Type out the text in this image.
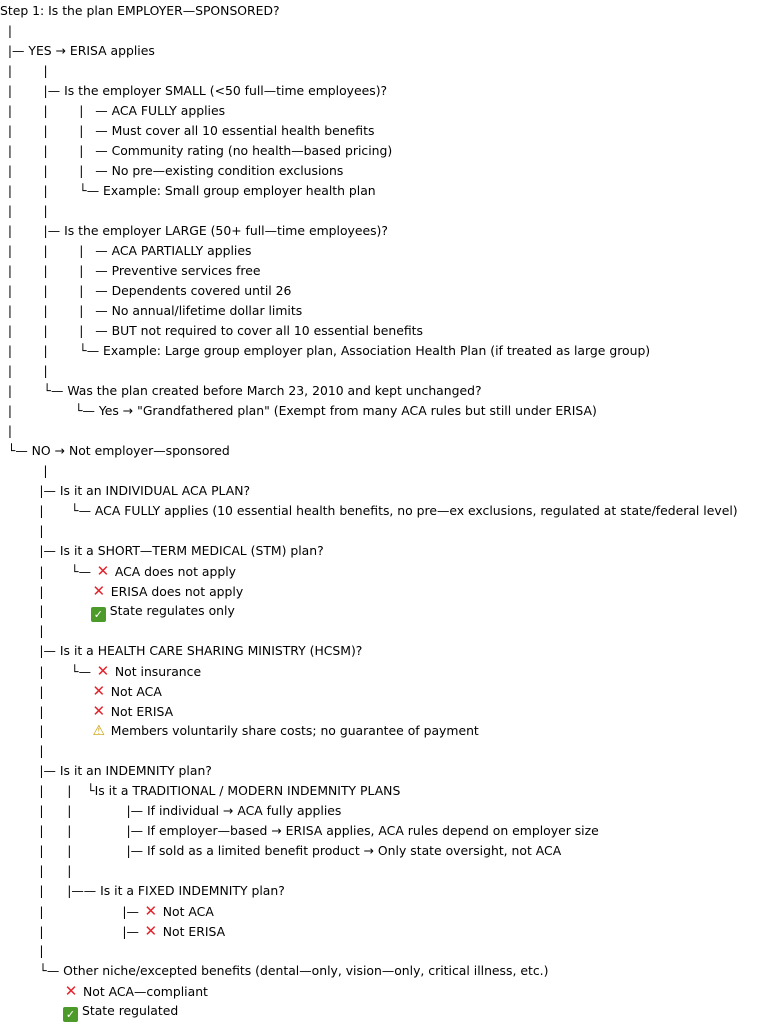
Step 1: Is the plan EMPLOYER—SPONSORED?
|
|— YES → ERISA applies
|        |
|        |— Is the employer SMALL (<50 full—time employees)?
|        |        |   — ACA FULLY applies
|        |        |   — Must cover all 10 essential health benefits
|        |        |   — Community rating (no health—based pricing)
|        |        |   — No pre—existing condition exclusions
|        |        └— Example: Small group employer health plan
|        |
|        |— Is the employer LARGE (50+ full—time employees)?
|        |        |   — ACA PARTIALLY applies
|        |        |   — Preventive services free
|        |        |   — Dependents covered until 26
|        |        |   — No annual/lifetime dollar limits
|        |        |   — BUT not required to cover all 10 essential benefits
|        |        └— Example: Large group employer plan, Association Health Plan (if treated as large group)
|        |
|        └— Was the plan created before March 23, 2010 and kept unchanged?
|                └— Yes → "Grandfathered plan" (Exempt from many ACA rules but still under ERISA)
|
└— NO → Not employer—sponsored
|
|— Is it an INDIVIDUAL ACA PLAN?
|       └— ACA FULLY applies (10 essential health benefits, no pre—ex exclusions, regulated at state/federal level)
|
|— Is it a SHORT—TERM MEDICAL (STM) plan?
|       └— ✕ ACA does not apply
|            ✕ ERISA does not apply
|            ✓ State regulates only
|
|— Is it a HEALTH CARE SHARING MINISTRY (HCSM)?
|       └— ✕ Not insurance
|            ✕ Not ACA
|            ✕ Not ERISA
|            ⚠ Members voluntarily share costs; no guarantee of payment
|
|— Is it an INDEMNITY plan?
|      |    └Is it a TRADITIONAL / MODERN INDEMNITY PLANS
|      |              |— If individual → ACA fully applies
|      |              |— If employer—based → ERISA applies, ACA rules depend on employer size
|      |              |— If sold as a limited benefit product → Only state oversight, not ACA
|      |
|      |—— Is it a FIXED INDEMNITY plan?
|                    |— ✕ Not ACA
|                    |— ✕ Not ERISA
|
└— Other niche/excepted benefits (dental—only, vision—only, critical illness, etc.)
✕ Not ACA—compliant
✓ State regulated
